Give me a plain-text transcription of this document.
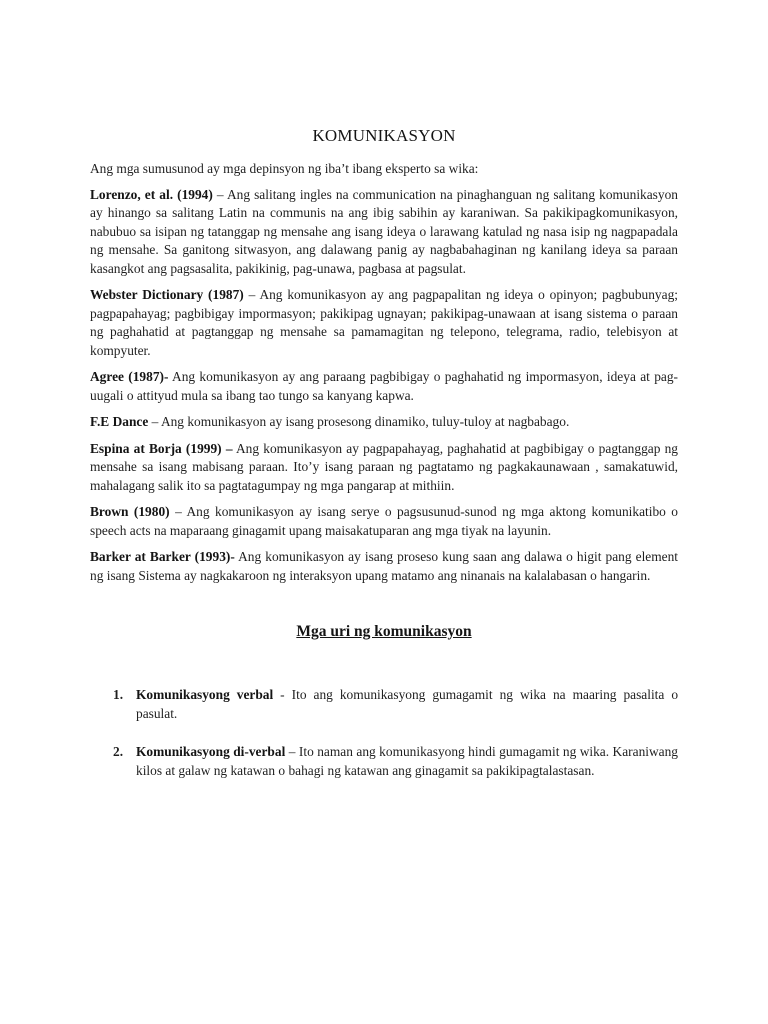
KOMUNIKASYON

Ang mga sumusunod ay mga depinsyon ng iba’t ibang eksperto sa wika:

Lorenzo, et al. (1994) – Ang salitang ingles na communication na pinaghanguan ng salitang komunikasyon ay hinango sa salitang Latin na communis na ang ibig sabihin ay karaniwan. Sa pakikipagkomunikasyon, nabubuo sa isipan ng tatanggap ng mensahe ang isang ideya o larawang katulad ng nasa isip ng nagpapadala ng mensahe. Sa ganitong sitwasyon, ang dalawang panig ay nagbabahaginan ng kanilang ideya sa paraan kasangkot ang pagsasalita, pakikinig, pag-unawa, pagbasa at pagsulat.

Webster Dictionary (1987) – Ang komunikasyon ay ang pagpapalitan ng ideya o opinyon; pagbubunyag; pagpapahayag; pagbibigay impormasyon; pakikipag ugnayan; pakikipag-unawaan at isang sistema o paraan ng paghahatid at pagtanggap ng mensahe sa pamamagitan ng telepono, telegrama, radio, telebisyon at kompyuter.

Agree (1987)- Ang komunikasyon ay ang paraang pagbibigay o paghahatid ng impormasyon, ideya at pag-uugali o attityud mula sa ibang tao tungo sa kanyang kapwa.

F.E Dance – Ang komunikasyon ay isang prosesong dinamiko, tuluy-tuloy at nagbabago.

Espina at Borja (1999) – Ang komunikasyon ay pagpapahayag, paghahatid at pagbibigay o pagtanggap ng mensahe sa isang mabisang paraan. Ito’y isang paraan ng pagtatamo ng pagkakaunawaan , samakatuwid, mahalagang salik ito sa pagtatagumpay ng mga pangarap at mithiin.

Brown (1980) – Ang komunikasyon ay isang serye o pagsusunud-sunod ng mga aktong komunikatibo o speech acts na maparaang ginagamit upang maisakatuparan ang mga tiyak na layunin.

Barker at Barker (1993)- Ang komunikasyon ay isang proseso kung saan ang dalawa o higit pang element ng isang Sistema ay nagkakaroon ng interaksyon upang matamo ang ninanais na kalalabasan o hangarin.

Mga uri ng komunikasyon
1. Komunikasyong verbal - Ito ang komunikasyong gumagamit ng wika na maaring pasalita o pasulat.
2. Komunikasyong di-verbal – Ito naman ang komunikasyong hindi gumagamit ng wika. Karaniwang kilos at galaw ng katawan o bahagi ng katawan ang ginagamit sa pakikipagtalastasan.
